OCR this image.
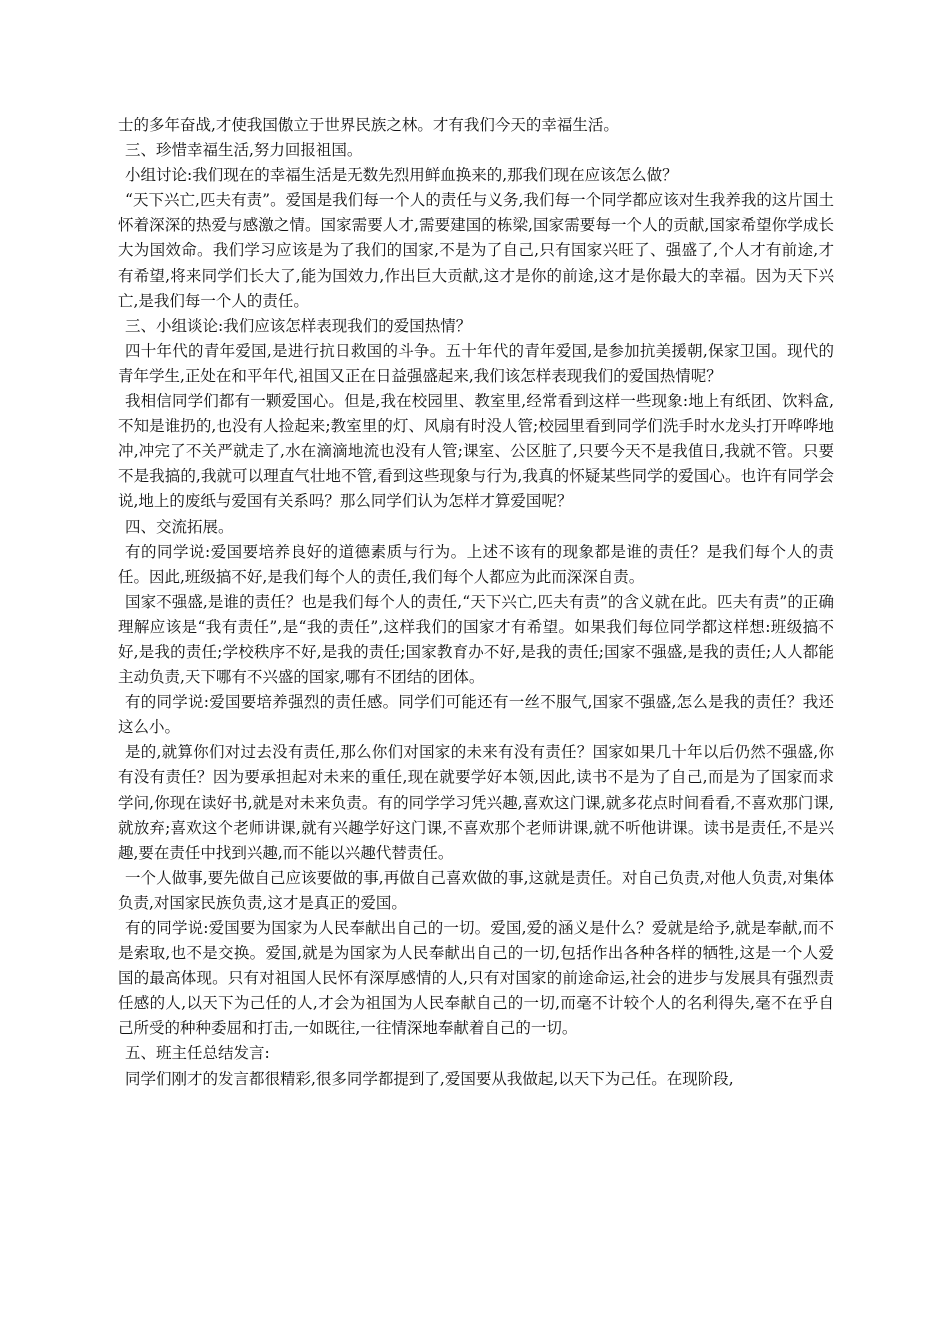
士的多年奋战,才使我国傲立于世界民族之林。才有我们今天的幸福生活。

三、珍惜幸福生活,努力回报祖国。

小组讨论:我们现在的幸福生活是无数先烈用鲜血换来的,那我们现在应该怎么做？

“天下兴亡,匹夫有责”。爱国是我们每一个人的责任与义务,我们每一个同学都应该对生我养我的这片国土怀着深深的热爱与感激之情。国家需要人才,需要建国的栋梁,国家需要每一个人的贡献,国家希望你学成长大为国效命。我们学习应该是为了我们的国家,不是为了自己,只有国家兴旺了、强盛了,个人才有前途,才有希望,将来同学们长大了,能为国效力,作出巨大贡献,这才是你的前途,这才是你最大的幸福。因为天下兴亡,是我们每一个人的责任。

三、小组谈论:我们应该怎样表现我们的爱国热情？

四十年代的青年爱国,是进行抗日救国的斗争。五十年代的青年爱国,是参加抗美援朝,保家卫国。现代的青年学生,正处在和平年代,祖国又正在日益强盛起来,我们该怎样表现我们的爱国热情呢？

我相信同学们都有一颗爱国心。但是,我在校园里、教室里,经常看到这样一些现象:地上有纸团、饮料盒,不知是谁扔的,也没有人捡起来;教室里的灯、风扇有时没人管;校园里看到同学们洗手时水龙头打开哗哗地冲,冲完了不关严就走了,水在滴滴地流也没有人管;课室、公区脏了,只要今天不是我值日,我就不管。只要不是我搞的,我就可以理直气壮地不管,看到这些现象与行为,我真的怀疑某些同学的爱国心。也许有同学会说,地上的废纸与爱国有关系吗？那么同学们认为怎样才算爱国呢？

四、交流拓展。

有的同学说:爱国要培养良好的道德素质与行为。上述不该有的现象都是谁的责任？是我们每个人的责任。因此,班级搞不好,是我们每个人的责任,我们每个人都应为此而深深自责。

国家不强盛,是谁的责任？也是我们每个人的责任,“天下兴亡,匹夫有责”的含义就在此。匹夫有责”的正确理解应该是“我有责任”,是“我的责任”,这样我们的国家才有希望。如果我们每位同学都这样想:班级搞不好,是我的责任;学校秩序不好,是我的责任;国家教育办不好,是我的责任;国家不强盛,是我的责任;人人都能主动负责,天下哪有不兴盛的国家,哪有不团结的团体。

有的同学说:爱国要培养强烈的责任感。同学们可能还有一丝不服气,国家不强盛,怎么是我的责任？我还这么小。

是的,就算你们对过去没有责任,那么你们对国家的未来有没有责任？国家如果几十年以后仍然不强盛,你有没有责任？因为要承担起对未来的重任,现在就要学好本领,因此,读书不是为了自己,而是为了国家而求学问,你现在读好书,就是对未来负责。有的同学学习凭兴趣,喜欢这门课,就多花点时间看看,不喜欢那门课,就放弃;喜欢这个老师讲课,就有兴趣学好这门课,不喜欢那个老师讲课,就不听他讲课。读书是责任,不是兴趣,要在责任中找到兴趣,而不能以兴趣代替责任。

一个人做事,要先做自己应该要做的事,再做自己喜欢做的事,这就是责任。对自己负责,对他人负责,对集体负责,对国家民族负责,这才是真正的爱国。

有的同学说:爱国要为国家为人民奉献出自己的一切。爱国,爱的涵义是什么？爱就是给予,就是奉献,而不是索取,也不是交换。爱国,就是为国家为人民奉献出自己的一切,包括作出各种各样的牺牲,这是一个人爱国的最高体现。只有对祖国人民怀有深厚感情的人,只有对国家的前途命运,社会的进步与发展具有强烈责任感的人,以天下为己任的人,才会为祖国为人民奉献自己的一切,而毫不计较个人的名利得失,毫不在乎自己所受的种种委屈和打击,一如既往,一往情深地奉献着自己的一切。

五、班主任总结发言:

同学们刚才的发言都很精彩,很多同学都提到了,爱国要从我做起,以天下为己任。在现阶段,
